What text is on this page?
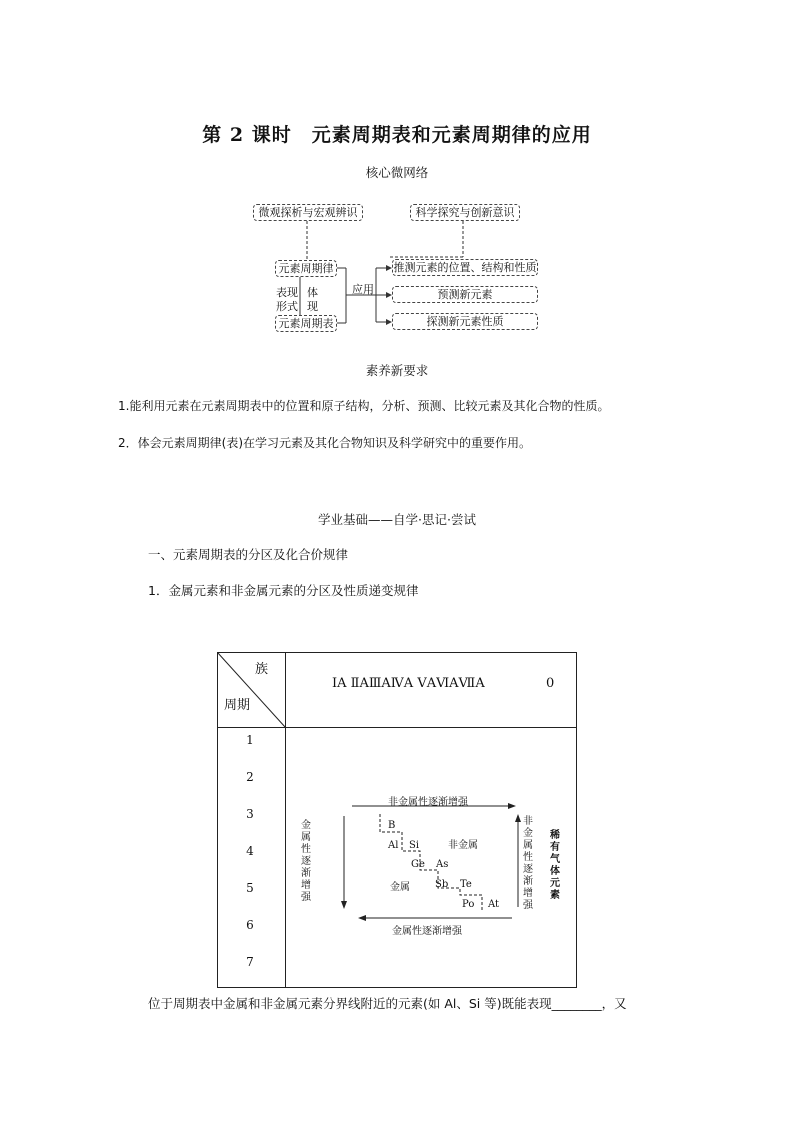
第 2 课时　元素周期表和元素周期律的应用
核心微网络
微观探析与宏观辨识	科学探究与创新意识
元素周期律
元素周期表
表现
形式
体
现
应用
推测元素的位置、结构和性质
预测新元素
探测新元素性质
素养新要求
1.能利用元素在元素周期表中的位置和原子结构，分析、预测、比较元素及其化合物的性质。
2．体会元素周期律(表)在学习元素及其化合物知识及科学研究中的重要作用。
学业基础——自学·思记·尝试
一、元素周期表的分区及化合价规律
1．金属元素和非金属元素的分区及性质递变规律
族
周期
ⅠA ⅡAⅢAⅣA ⅤAⅥAⅦA	0
1
2
3
4
5
6
7
非金属性逐渐增强
金属性逐渐增强
金属性逐渐增强
非金属性逐渐增强
稀有气体元素
非金属
金属
B
Al Si
Ge As
Sb Te
Po At
位于周期表中金属和非金属元素分界线附近的元素(如 Al、Si 等)既能表现________，又
